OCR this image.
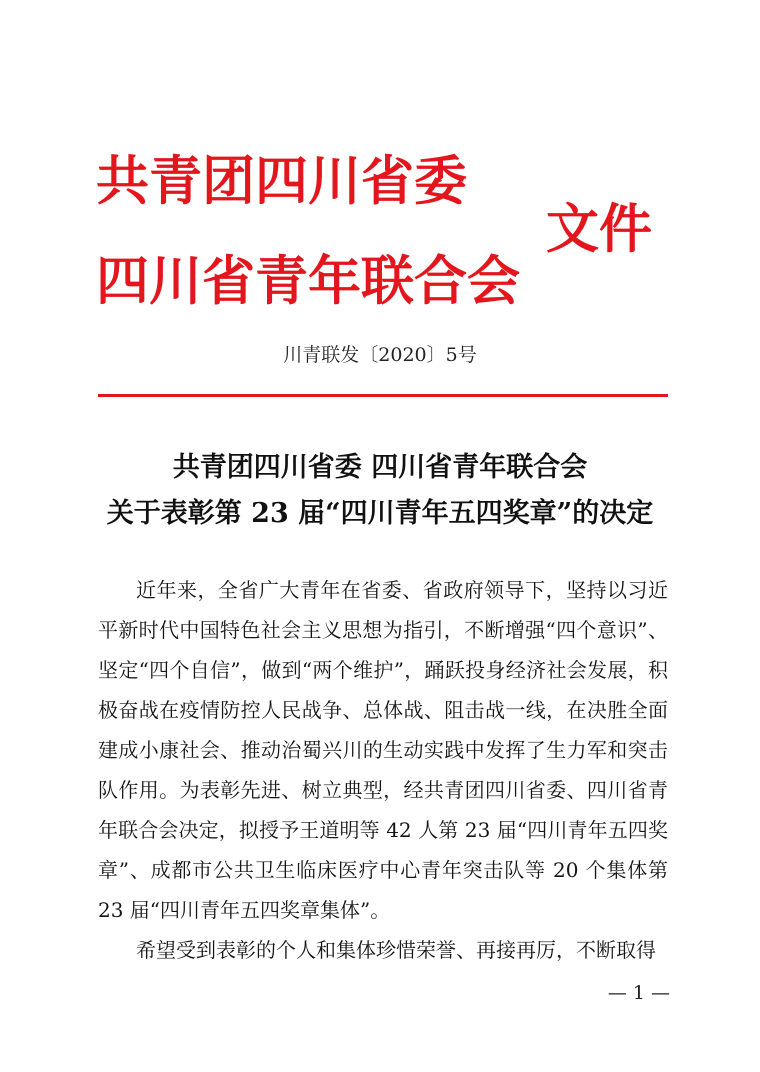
共青团四川省委
四川省青年联合会
文件
川青联发〔2020〕5号
共青团四川省委 四川省青年联合会
关于表彰第 23 届“四川青年五四奖章”的决定
近年来，全省广大青年在省委、省政府领导下，坚持以习近
平新时代中国特色社会主义思想为指引，不断增强“四个意识”、
坚定“四个自信”，做到“两个维护”，踊跃投身经济社会发展，积
极奋战在疫情防控人民战争、总体战、阻击战一线，在决胜全面
建成小康社会、推动治蜀兴川的生动实践中发挥了生力军和突击
队作用。为表彰先进、树立典型，经共青团四川省委、四川省青
年联合会决定，拟授予王道明等 42 人第 23 届“四川青年五四奖
章”、成都市公共卫生临床医疗中心青年突击队等 20 个集体第
23 届“四川青年五四奖章集体”。
希望受到表彰的个人和集体珍惜荣誉、再接再厉，不断取得
— 1 —
